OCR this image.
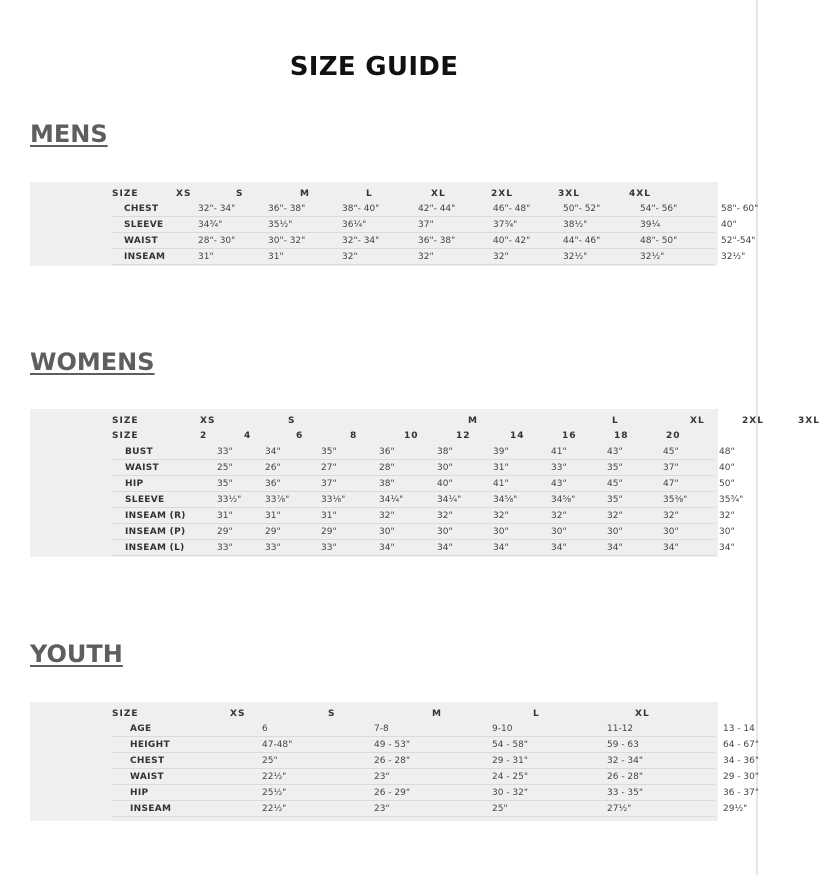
SIZE GUIDE
MENS
SIZE	XS	S	M	L	XL	2XL	3XL	4XL
CHEST	32"- 34"	36"- 38"	38"- 40"	42"- 44"	46"- 48"	50"- 52"	54"- 56"	58"- 60"
SLEEVE	34¾"	35½"	36¼"	37"	37¾"	38½"	39¼	40"
WAIST	28"- 30"	30"- 32"	32"- 34"	36"- 38"	40"- 42"	44"- 46"	48"- 50"	52"-54"
INSEAM	31"	31"	32"	32"	32"	32½"	32½"	32½"
WOMENS
SIZE	XS	S	M	L	XL	2XL	3XL
SIZE	2	4	6	8	10	12	14	16	18	20
BUST	33"	34"	35"	36"	38"	39"	41"	43"	45"	48"
WAIST	25"	26"	27"	28"	30"	31"	33"	35"	37"	40"
HIP	35"	36"	37"	38"	40"	41"	43"	45"	47"	50"
SLEEVE	33½"	33⅞"	33⅛"	34¼"	34¼"	34⅝"	34⅝"	35"	35⅜"	35¾"
INSEAM (R)	31"	31"	31"	32"	32"	32"	32"	32"	32"	32"
INSEAM (P)	29"	29"	29"	30"	30"	30"	30"	30"	30"	30"
INSEAM (L)	33"	33"	33"	34"	34"	34"	34"	34"	34"	34"
YOUTH
SIZE	XS	S	M	L	XL
AGE	6	7-8	9-10	11-12	13 - 14
HEIGHT	47-48"	49 - 53"	54 - 58"	59 - 63	64 - 67"
CHEST	25"	26 - 28"	29 - 31"	32 - 34"	34 - 36"
WAIST	22½"	23"	24 - 25"	26 - 28"	29 - 30"
HIP	25½"	26 - 29"	30 - 32"	33 - 35"	36 - 37"
INSEAM	22½"	23"	25"	27½"	29½"
